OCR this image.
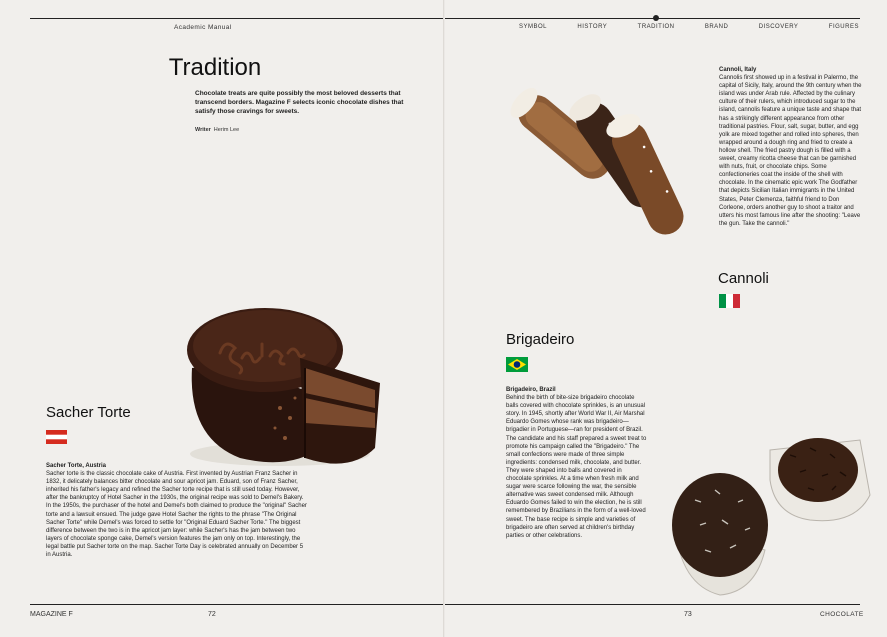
Academic Manual	SYMBOL	HISTORY	TRADITION	BRAND	DISCOVERY	FIGURES
Tradition
Chocolate treats are quite possibly the most beloved desserts that transcend borders. Magazine F selects iconic chocolate dishes that satisfy those cravings for sweets.
Writer Herim Lee
Sacher Torte
Sacher Torte, Austria
Sacher torte is the classic chocolate cake of Austria. First invented by Austrian Franz Sacher in 1832, it delicately balances bitter chocolate and sour apricot jam. Eduard, son of Franz Sacher, inherited his father's legacy and refined the Sacher torte recipe that is still used today. However, after the bankruptcy of Hotel Sacher in the 1930s, the original recipe was sold to Demel's Bakery. In the 1950s, the purchaser of the hotel and Demel's both claimed to produce the "original" Sacher torte and a lawsuit ensued. The judge gave Hotel Sacher the rights to the phrase "The Original Sacher Torte" while Demel's was forced to settle for "Original Eduard Sacher Torte." The biggest difference between the two is in the apricot jam layer: while Sacher's has the jam between two layers of chocolate sponge cake, Demel's version features the jam only on top. Interestingly, the legal battle put Sacher torte on the map. Sacher Torte Day is celebrated annually on December 5 in Austria.
MAGAZINE F	72
Cannoli, Italy
Cannolis first showed up in a festival in Palermo, the capital of Sicily, Italy, around the 9th century when the island was under Arab rule. Affected by the culinary culture of their rulers, which introduced sugar to the island, cannolis feature a unique taste and shape that has a strikingly different appearance from other traditional pastries. Flour, salt, sugar, butter, and egg yolk are mixed together and rolled into spheres, then wrapped around a dough ring and fried to create a hollow shell. The fried pastry dough is filled with a sweet, creamy ricotta cheese that can be garnished with nuts, fruit, or chocolate chips. Some confectioneries coat the inside of the shell with chocolate. In the cinematic epic work The Godfather that depicts Sicilian Italian immigrants in the United States, Peter Clemenza, faithful friend to Don Corleone, orders another guy to shoot a traitor and utters his most famous line after the shooting: "Leave the gun. Take the cannoli."
Cannoli
Brigadeiro
Brigadeiro, Brazil
Behind the birth of bite-size brigadeiro chocolate balls covered with chocolate sprinkles, is an unusual story. In 1945, shortly after World War II, Air Marshal Eduardo Gomes whose rank was brigadeiro—brigadier in Portuguese—ran for president of Brazil. The candidate and his staff prepared a sweet treat to promote his campaign called the "Brigadeiro." The small confections were made of three simple ingredients: condensed milk, chocolate, and butter. They were shaped into balls and covered in chocolate sprinkles. At a time when fresh milk and sugar were scarce following the war, the sensible alternative was sweet condensed milk. Although Eduardo Gomes failed to win the election, he is still remembered by Brazilians in the form of a well-loved sweet. The base recipe is simple and varieties of brigadeiro are often served at children's birthday parties or other celebrations.
73	CHOCOLATE
